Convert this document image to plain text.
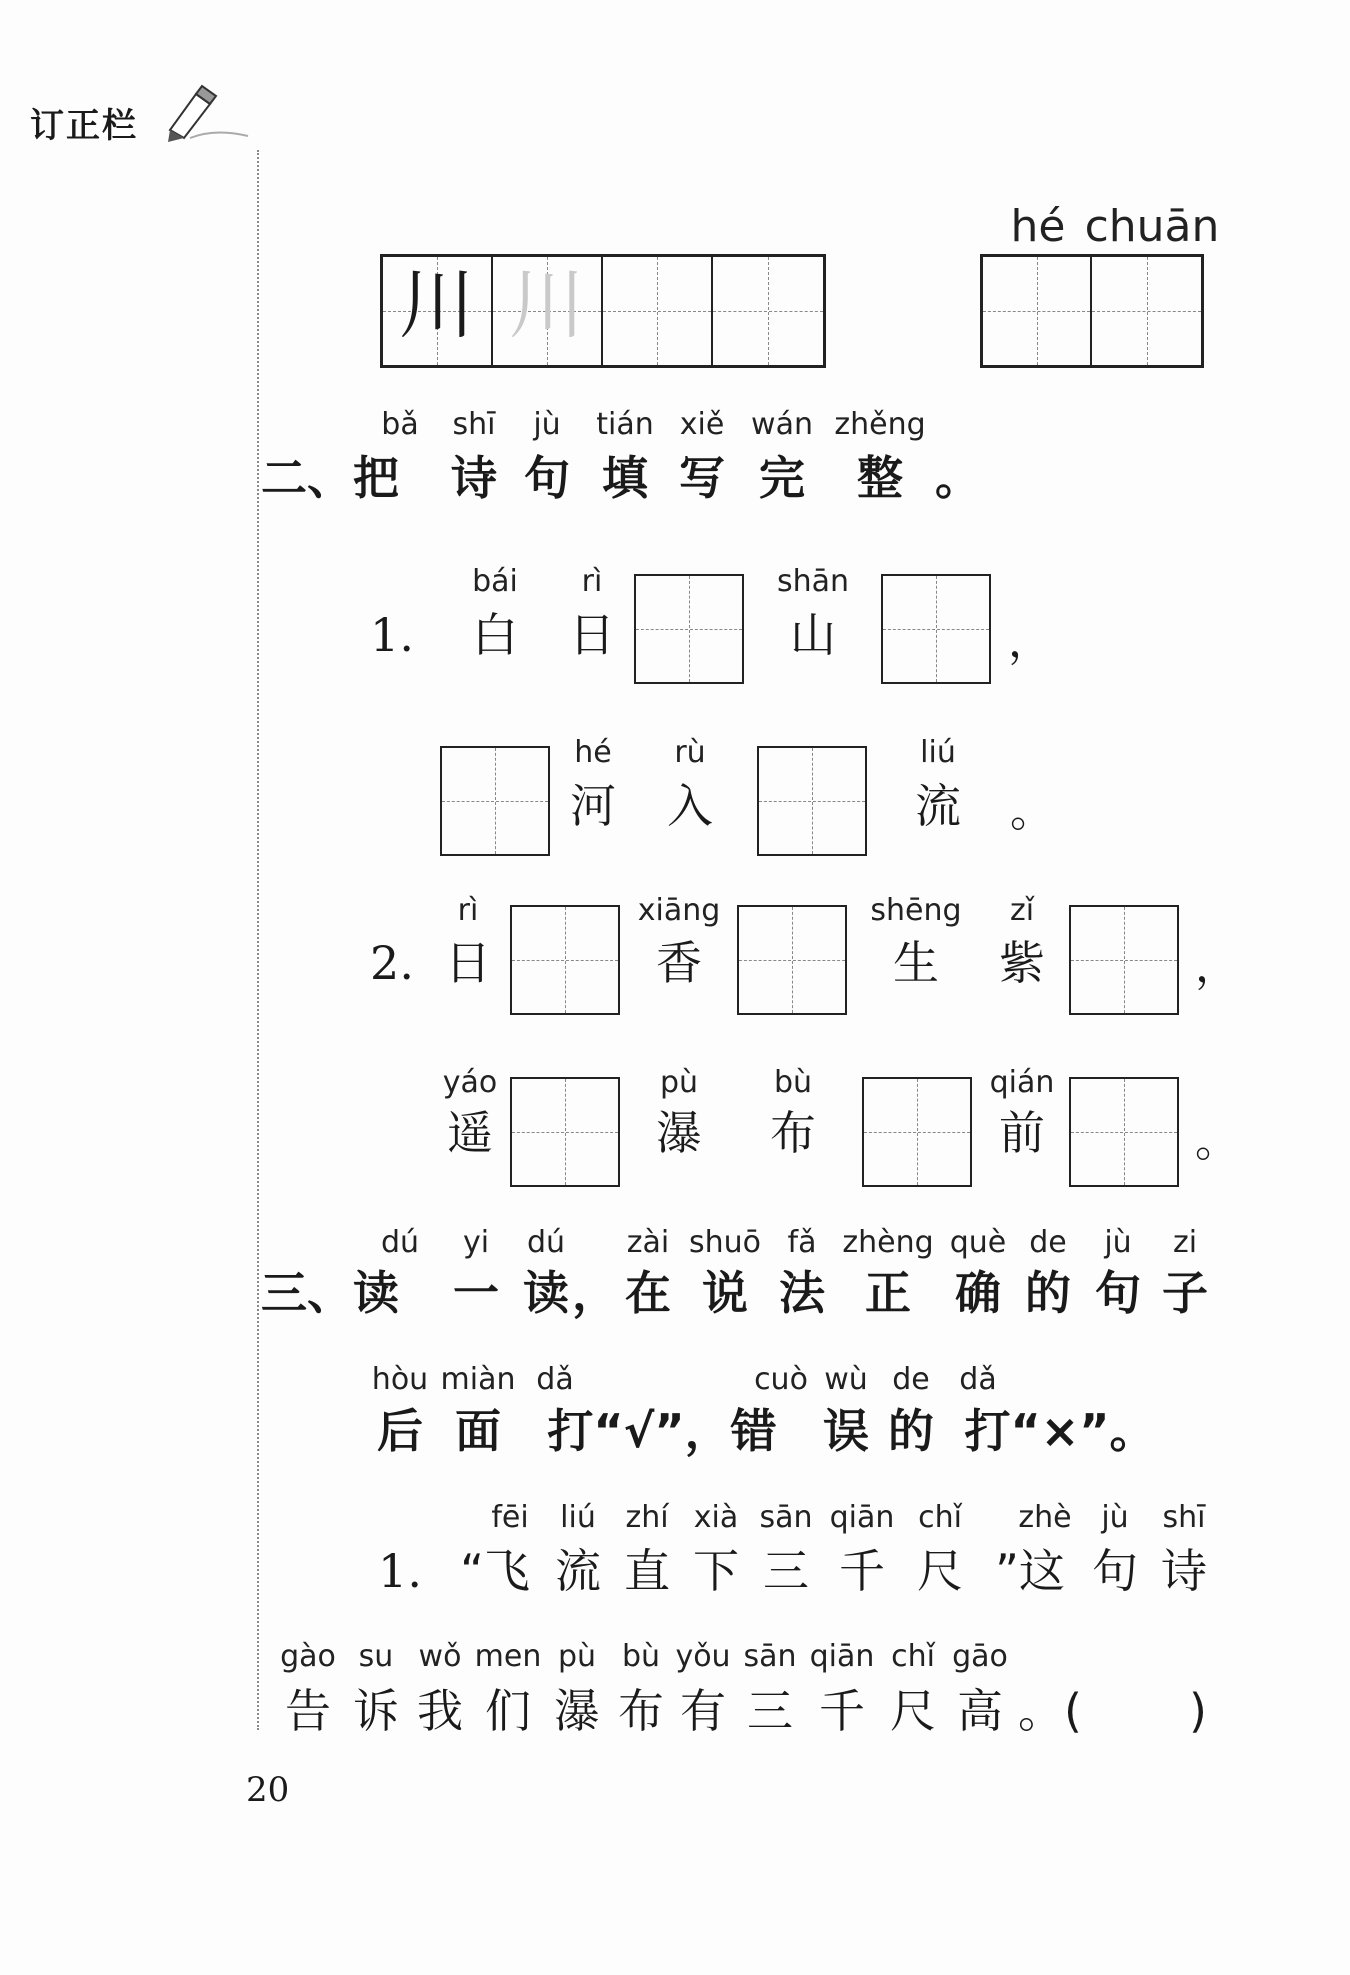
订正栏
hé chuān
川 川
bǎ shī jù tián xiě wán zhěng
二、把 诗 句 填 写 完 整 。
1.
bái rì	shān
白 日	山	，
hé rù	liú
河 入	流 。
2.
rì
日
xiāng
香
shēng
生
zǐ
紫	，
yáo
遥
pù
瀑
bù
布
qián
前	。
dú yi dú zài shuō fǎ zhèng què de jù zi
三、读 一 读 ， 在 说 法 正 确 的 句 子
hòu miàn dǎ	cuò wù de dǎ
后 面 打“√”，错 误 的 打“×”。
1.
fēi liú zhí xià sān qiān chǐ zhè jù shī
“飞 流 直 下 三 千 尺 ”这 句 诗
gào su wǒ men pù bù yǒu sān qiān chǐ gāo
告 诉 我 们 瀑 布 有 三 千 尺 高 。( )
20
